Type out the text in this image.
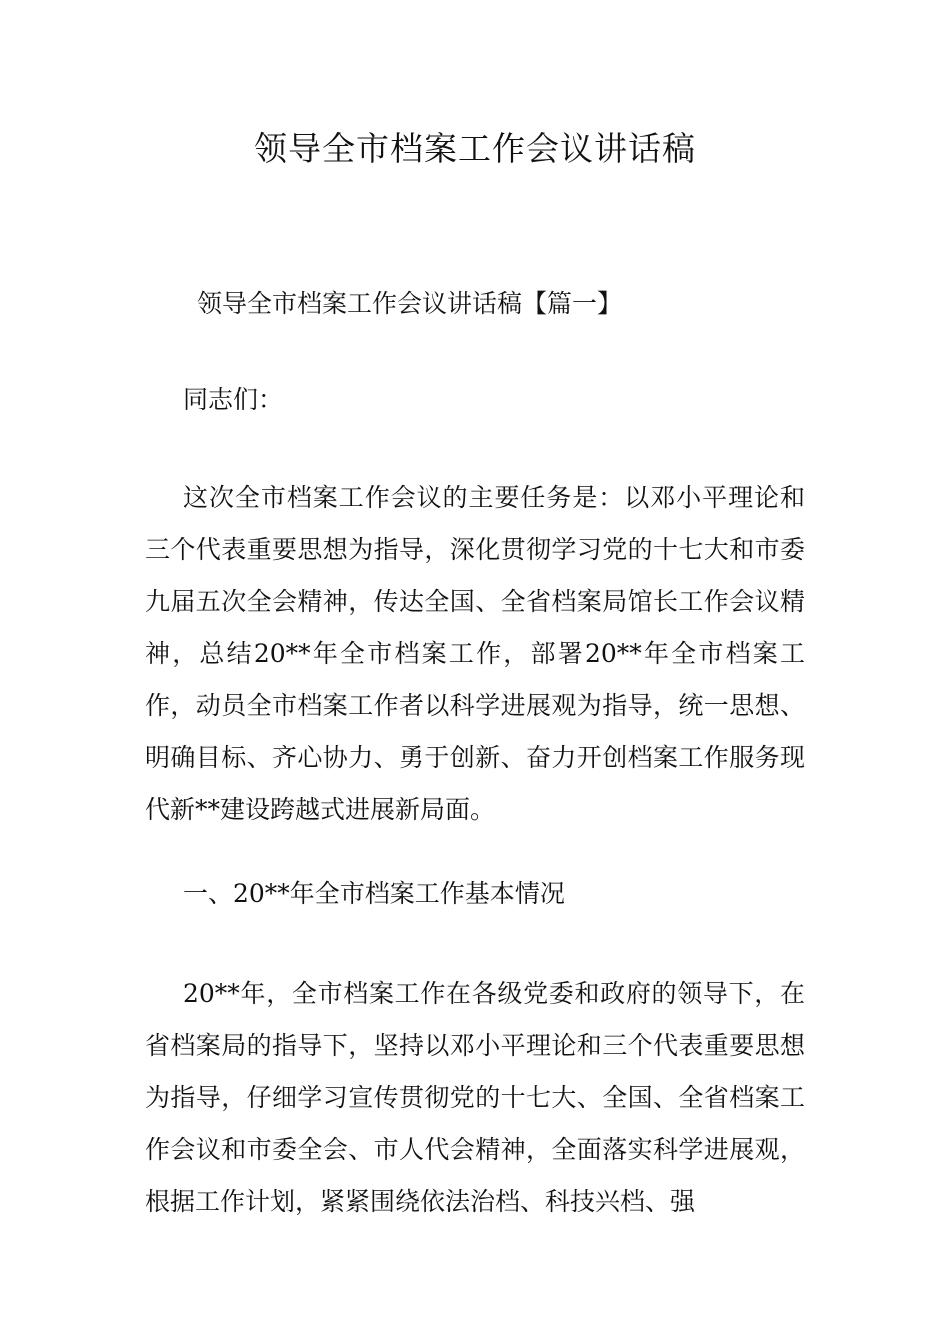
领导全市档案工作会议讲话稿

领导全市档案工作会议讲话稿【篇一】

同志们：

这次全市档案工作会议的主要任务是：以邓小平理论和三个代表重要思想为指导，深化贯彻学习党的十七大和市委九届五次全会精神，传达全国、全省档案局馆长工作会议精神，总结20**年全市档案工作，部署20**年全市档案工作，动员全市档案工作者以科学进展观为指导，统一思想、明确目标、齐心协力、勇于创新、奋力开创档案工作服务现代新**建设跨越式进展新局面。

一、20**年全市档案工作基本情况

20**年，全市档案工作在各级党委和政府的领导下，在省档案局的指导下，坚持以邓小平理论和三个代表重要思想为指导，仔细学习宣传贯彻党的十七大、全国、全省档案工作会议和市委全会、市人代会精神，全面落实科学进展观，根据工作计划，紧紧围绕依法治档、科技兴档、强
